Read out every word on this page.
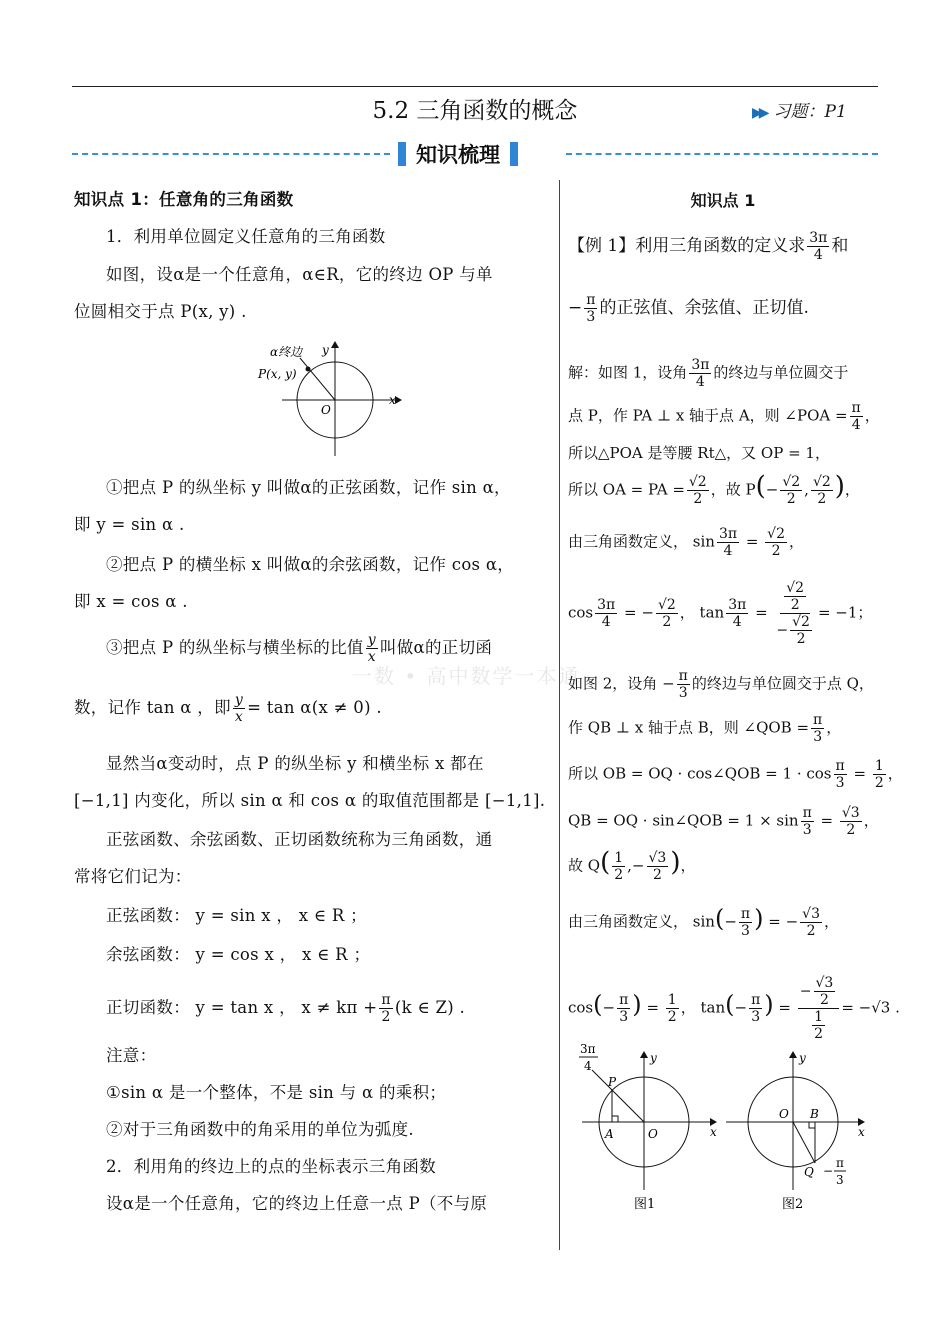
5.2 三角函数的概念	▶▶ 习题：P1
知识梳理
一数 • 高中数学一本通
知识点 1：任意角的三角函数
1．利用单位圆定义任意角的三角函数
如图，设α是一个任意角，α∈R，它的终边 OP 与单
位圆相交于点 P(x, y) .
α终边
P(x, y)
O
x
y
①把点 P 的纵坐标 y 叫做α的正弦函数，记作 sin α，
即 y = sin α .
②把点 P 的横坐标 x 叫做α的余弦函数，记作 cos α，
即 x = cos α .
③把点 P 的纵坐标与横坐标的比值 $\frac{y}{x}$ 叫做α的正切函
数，记作 tan α ，即 $\frac{y}{x} = \tan \alpha(x \ne 0)$ .
显然当α变动时，点 P 的纵坐标 y 和横坐标 x 都在
[−1,1] 内变化，所以 sin α 和 cos α 的取值范围都是 [−1,1].
正弦函数、余弦函数、正切函数统称为三角函数，通
常将它们记为：
正弦函数： y = sin x ， x ∈ R ；
余弦函数： y = cos x ， x ∈ R ；
正切函数： y = tan x ， $x \ne k\pi + \frac{\pi}{2} (k$ ∈ Z) .
注意：
①sin α 是一个整体，不是 sin 与 α 的乘积；
②对于三角函数中的角采用的单位为弧度.
2．利用角的终边上的点的坐标表示三角函数
设α是一个任意角，它的终边上任意一点 P（不与原
知识点 1
【例 1】利用三角函数的定义求 $\frac{3\pi}{4}$ 和
− $\frac{\pi}{3}$ 的正弦值、余弦值、正切值.
解：如图 1，设角 $\frac{3\pi}{4}$ 的终边与单位圆交于
点 P，作 PA ⊥ x 轴于点 A，则 ∠POA = $\frac{\pi}{4}$ ，
所以△POA 是等腰 Rt△，又 OP = 1，
所以 OA = PA = $\frac{√2}{2}$ ，故 $P(- \frac{√2}{2}$ , $\frac{√2}{2}$ )，
由三角函数定义， $\sin \frac{3\pi}{4} = \frac{√2}{2}$ ，
$\cos \frac{3\pi}{4}$ = − $\frac{√2}{2}$ ， $\tan \frac{3\pi}{4} = \frac{\frac{√2}{2}}{- \frac{√2}{2}} = -1$；
如图 2，设角 − $\frac{\pi}{3}$ 的终边与单位圆交于点 Q，
作 QB ⊥ x 轴于点 B，则 ∠QOB = $\frac{\pi}{3}$ ，
所以 OB = OQ · cos∠QOB = $1 \cdot \cos \frac{\pi}{3} = \frac{1}{2}$ ，
QB = OQ · sin∠QOB = $1 \times \sin \frac{\pi}{3} = \frac{√3}{2}$ ，
故 $Q( \frac{1}{2}$ ,− $\frac{√3}{2}$ )，
由三角函数定义， $\sin(- \frac{\pi}{3}$ ) = − $\frac{√3}{2}$ ，
$\cos(- \frac{\pi}{3}$ ) = $\frac{1}{2}$ ， $\tan(- \frac{\pi}{3}$ ) = $\frac{- \frac{√3}{2}}{\frac{1}{2}} = -√3$ .
3π
4
P
A	O	x
y
图1
O B
Q −
π
3
x
y
图2
